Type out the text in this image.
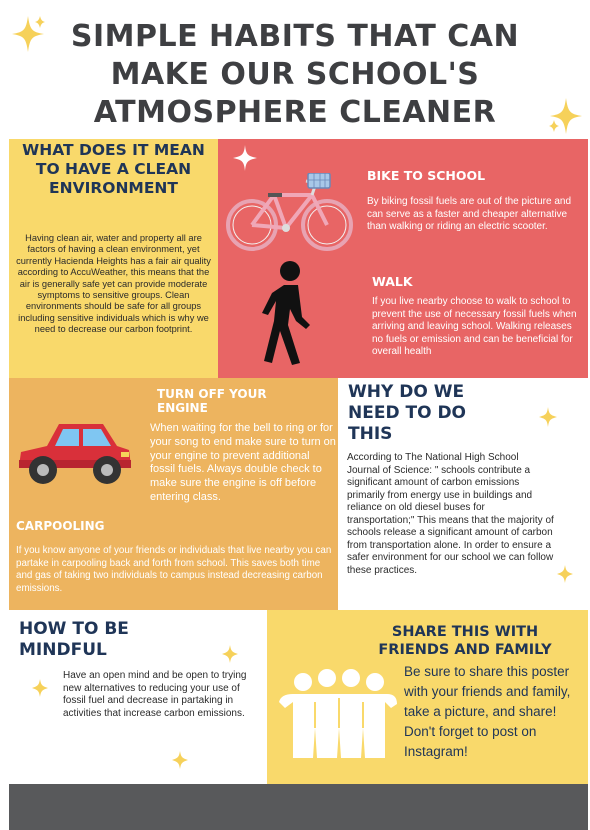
SIMPLE HABITS THAT CAN MAKE OUR SCHOOL'S ATMOSPHERE CLEANER
WHAT DOES IT MEAN TO HAVE A CLEAN ENVIRONMENT
Having clean air, water and property all are factors of having a clean environment, yet currently Hacienda Heights has a fair air quality according to AccuWeather, this means that the air is generally safe yet can provide moderate symptoms to sensitive groups. Clean environments should be safe for all groups including sensitive individuals which is why we need to decrease our carbon footprint.
BIKE TO SCHOOL
By biking fossil fuels are out of the picture and can serve as a faster and cheaper alternative than walking or riding an electric scooter.
WALK
If you live nearby choose to walk to school to prevent the use of necessary fossil fuels when arriving and leaving school. Walking releases no fuels or emission and can be beneficial for overall health
TURN OFF YOUR ENGINE
When waiting for the bell to ring or for your song to end make sure to turn on your engine to prevent additional fossil fuels. Always double check to make sure the engine is off before entering class.
CARPOOLING
If you know anyone of your friends or individuals that live nearby you can partake in carpooling back and forth from school. This saves both time and gas of taking two individuals to campus instead decreasing carbon emissions.
WHY DO WE NEED TO DO THIS
According to The National High School Journal of Science: " schools contribute a significant amount of carbon emissions primarily from energy use in buildings and reliance on old diesel buses for transportation;" This means that the majority of schools release a significant amount of carbon from transportation alone. In order to ensure a safer environment for our school we can follow these practices.
HOW TO BE MINDFUL
Have an open mind and be open to trying new alternatives to reducing your use of fossil fuel and decrease in partaking in activities that increase carbon emissions.
SHARE THIS WITH FRIENDS AND FAMILY
Be sure to share this poster with your friends and family, take a picture, and share! Don't forget to post on Instagram!
